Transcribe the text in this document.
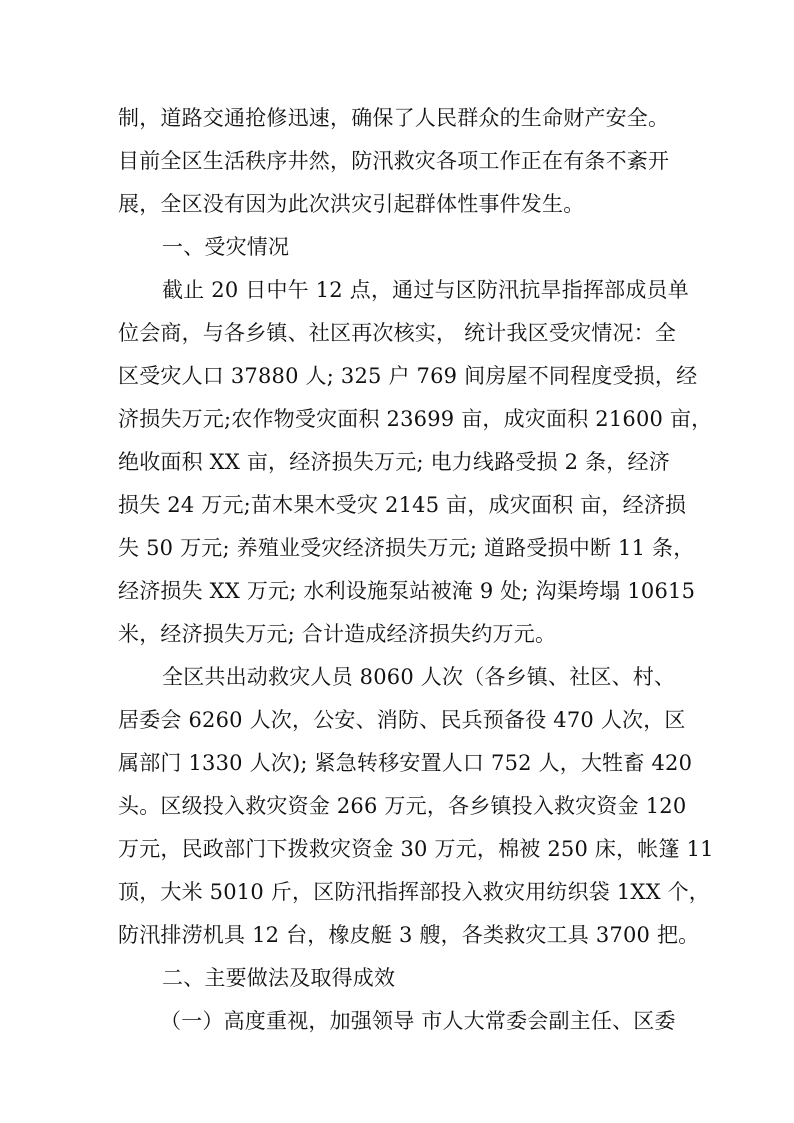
制，道路交通抢修迅速，确保了人民群众的生命财产安全。
目前全区生活秩序井然，防汛救灾各项工作正在有条不紊开
展，全区没有因为此次洪灾引起群体性事件发生。
一、受灾情况
截止 20 日中午 12 点，通过与区防汛抗旱指挥部成员单
位会商，与各乡镇、社区再次核实， 统计我区受灾情况：全
区受灾人口 37880 人; 325 户 769 间房屋不同程度受损，经
济损失万元;农作物受灾面积 23699 亩，成灾面积 21600 亩，
绝收面积 XX 亩，经济损失万元; 电力线路受损 2 条，经济
损失 24 万元;苗木果木受灾 2145 亩，成灾面积 亩，经济损
失 50 万元; 养殖业受灾经济损失万元; 道路受损中断 11 条，
经济损失 XX 万元; 水利设施泵站被淹 9 处; 沟渠垮塌 10615
米，经济损失万元; 合计造成经济损失约万元。
全区共出动救灾人员 8060 人次（各乡镇、社区、村、
居委会 6260 人次，公安、消防、民兵预备役 470 人次，区
属部门 1330 人次); 紧急转移安置人口 752 人，大牲畜 420
头。区级投入救灾资金 266 万元，各乡镇投入救灾资金 120
万元，民政部门下拨救灾资金 30 万元，棉被 250 床，帐篷 11
顶，大米 5010 斤，区防汛指挥部投入救灾用纺织袋 1XX 个，
防汛排涝机具 12 台，橡皮艇 3 艘，各类救灾工具 3700 把。
二、主要做法及取得成效
（一）高度重视，加强领导 市人大常委会副主任、区委
